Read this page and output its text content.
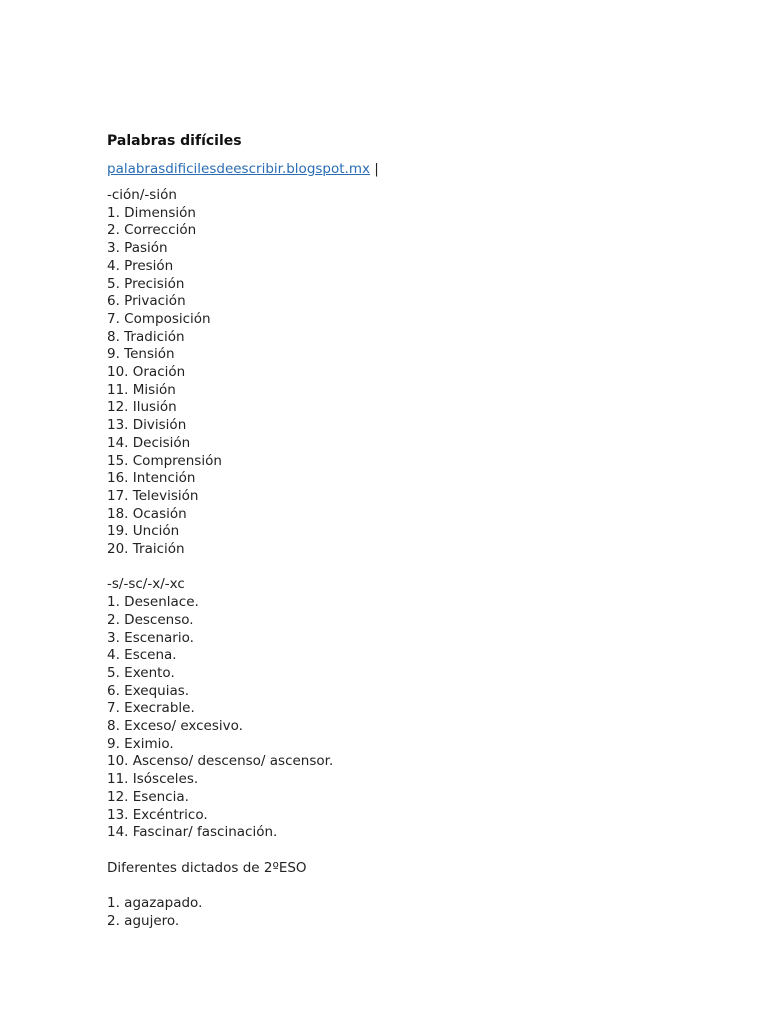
Palabras difíciles
palabrasdificilesdeescribir.blogspot.mx |
-ción/-sión
1. Dimensión
2. Corrección
3. Pasión
4. Presión
5. Precisión
6. Privación
7. Composición
8. Tradición
9. Tensión
10. Oración
11. Misión
12. Ilusión
13. División
14. Decisión
15. Comprensión
16. Intención
17. Televisión
18. Ocasión
19. Unción
20. Traición
-s/-sc/-x/-xc
1. Desenlace.
2. Descenso.
3. Escenario.
4. Escena.
5. Exento.
6. Exequias.
7. Execrable.
8. Exceso/ excesivo.
9. Eximio.
10. Ascenso/ descenso/ ascensor.
11. Isósceles.
12. Esencia.
13. Excéntrico.
14. Fascinar/ fascinación.
Diferentes dictados de 2ºESO
1. agazapado.
2. agujero.
